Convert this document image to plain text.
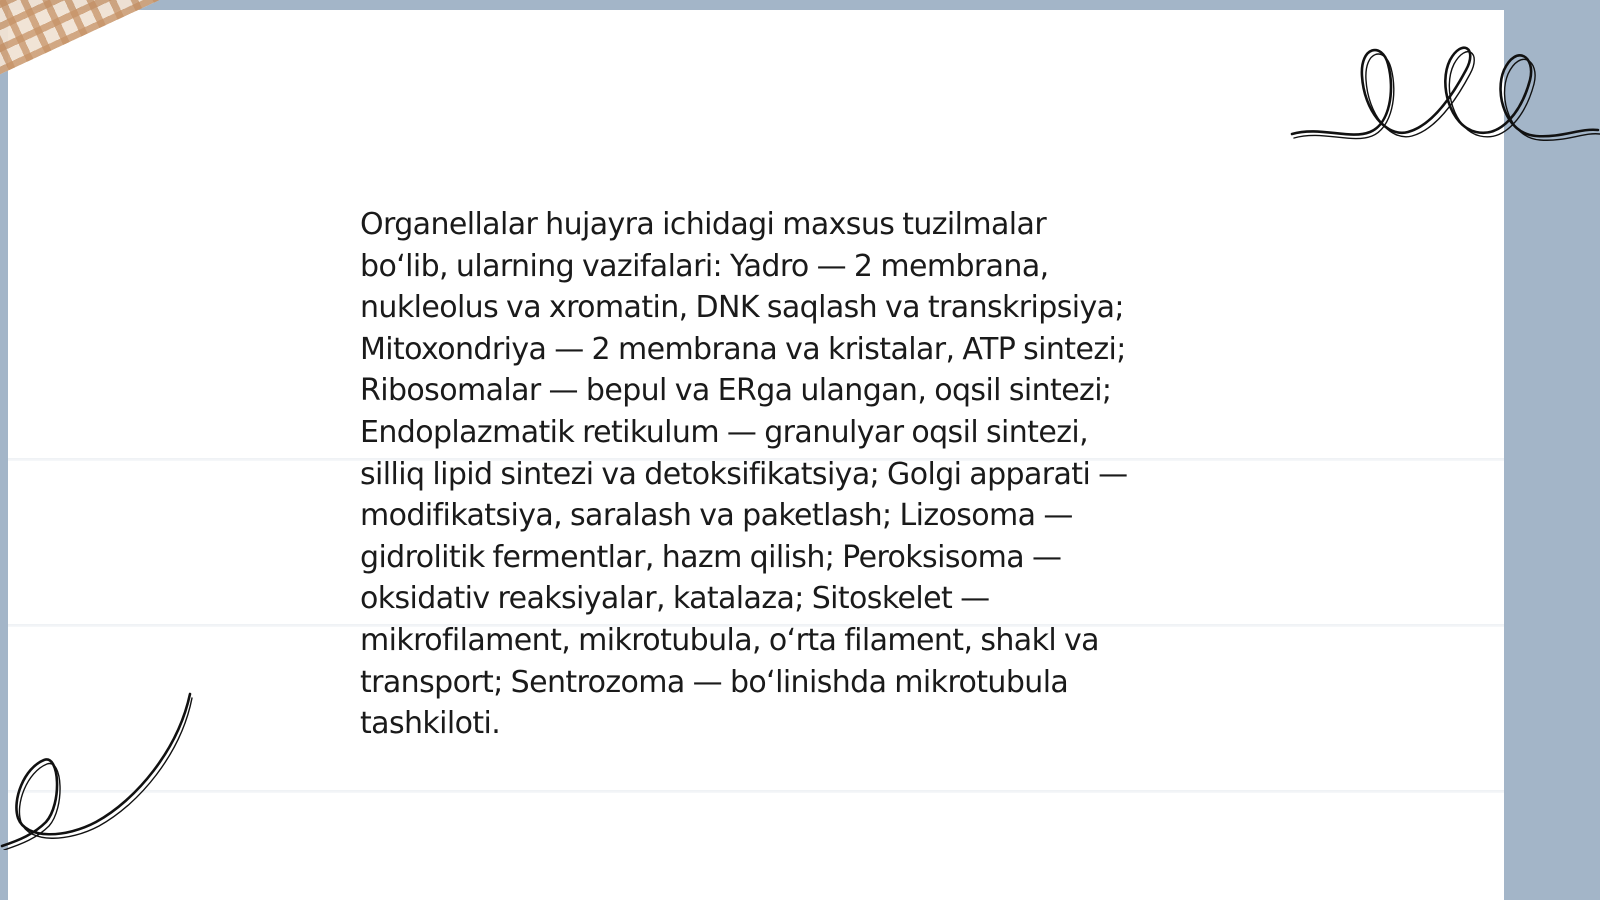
Organellalar hujayra ichidagi maxsus tuzilmalar
bo‘lib, ularning vazifalari: Yadro — 2 membrana,
nukleolus va xromatin, DNK saqlash va transkripsiya;
Mitoxondriya — 2 membrana va kristalar, ATP sintezi;
Ribosomalar — bepul va ERga ulangan, oqsil sintezi;
Endoplazmatik retikulum — granulyar oqsil sintezi,
silliq lipid sintezi va detoksifikatsiya; Golgi apparati —
modifikatsiya, saralash va paketlash; Lizosoma —
gidrolitik fermentlar, hazm qilish; Peroksisoma —
oksidativ reaksiyalar, katalaza; Sitoskelet —
mikrofilament, mikrotubula, o‘rta filament, shakl va
transport; Sentrozoma — bo‘linishda mikrotubula
tashkiloti.
